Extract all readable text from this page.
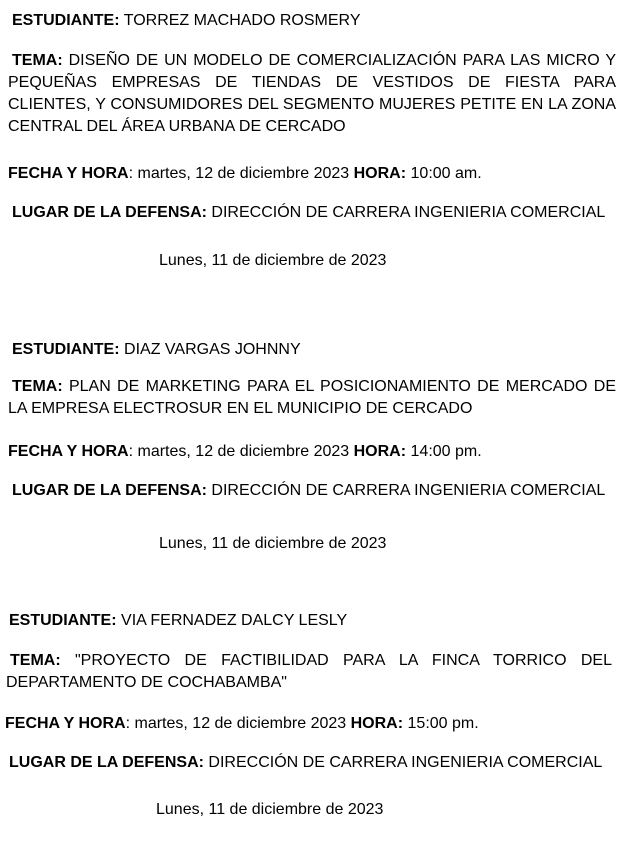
ESTUDIANTE: TORREZ MACHADO ROSMERY
TEMA: DISEÑO DE UN MODELO DE COMERCIALIZACIÓN PARA LAS MICRO Y PEQUEÑAS EMPRESAS DE TIENDAS DE VESTIDOS DE FIESTA PARA CLIENTES, Y CONSUMIDORES DEL SEGMENTO MUJERES PETITE EN LA ZONA CENTRAL DEL ÁREA URBANA DE CERCADO
FECHA Y HORA: martes, 12 de diciembre 2023 HORA: 10:00 am.
LUGAR DE LA DEFENSA: DIRECCIÓN DE CARRERA INGENIERIA COMERCIAL
Lunes, 11 de diciembre de 2023
ESTUDIANTE: DIAZ VARGAS JOHNNY
TEMA: PLAN DE MARKETING PARA EL POSICIONAMIENTO DE MERCADO DE LA EMPRESA ELECTROSUR EN EL MUNICIPIO DE CERCADO
FECHA Y HORA: martes, 12 de diciembre 2023 HORA: 14:00 pm.
LUGAR DE LA DEFENSA: DIRECCIÓN DE CARRERA INGENIERIA COMERCIAL
Lunes, 11 de diciembre de 2023
ESTUDIANTE: VIA FERNADEZ DALCY LESLY
TEMA: "PROYECTO DE FACTIBILIDAD PARA LA FINCA TORRICO DEL DEPARTAMENTO DE COCHABAMBA"
FECHA Y HORA: martes, 12 de diciembre 2023 HORA: 15:00 pm.
LUGAR DE LA DEFENSA: DIRECCIÓN DE CARRERA INGENIERIA COMERCIAL
Lunes, 11 de diciembre de 2023
